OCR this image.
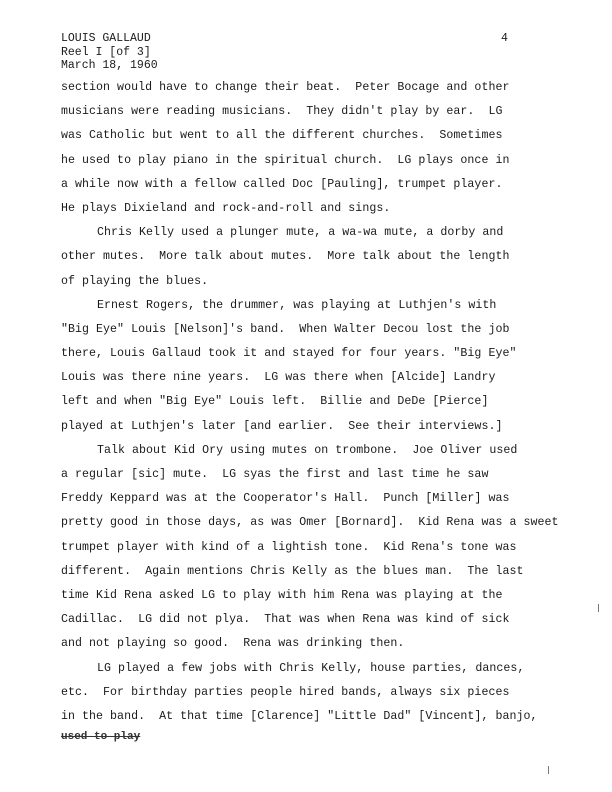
LOUIS GALLAUD
Reel I [of 3]
March 18, 1960
4
section would have to change their beat.  Peter Bocage and other
musicians were reading musicians.  They didn't play by ear.  LG
was Catholic but went to all the different churches.  Sometimes
he used to play piano in the spiritual church.  LG plays once in
a while now with a fellow called Doc [Pauling], trumpet player.
He plays Dixieland and rock-and-roll and sings.
Chris Kelly used a plunger mute, a wa-wa mute, a dorby and
other mutes.  More talk about mutes.  More talk about the length
of playing the blues.
Ernest Rogers, the drummer, was playing at Luthjen's with
"Big Eye" Louis [Nelson]'s band.  When Walter Decou lost the job
there, Louis Gallaud took it and stayed for four years. "Big Eye"
Louis was there nine years.  LG was there when [Alcide] Landry
left and when "Big Eye" Louis left.  Billie and DeDe [Pierce]
played at Luthjen's later [and earlier.  See their interviews.]
Talk about Kid Ory using mutes on trombone.  Joe Oliver used
a regular [sic] mute.  LG syas the first and last time he saw
Freddy Keppard was at the Cooperator's Hall.  Punch [Miller] was
pretty good in those days, as was Omer [Bornard].  Kid Rena was a sweet
trumpet player with kind of a lightish tone.  Kid Rena's tone was
different.  Again mentions Chris Kelly as the blues man.  The last
time Kid Rena asked LG to play with him Rena was playing at the
Cadillac.  LG did not plya.  That was when Rena was kind of sick
and not playing so good.  Rena was drinking then.
LG played a few jobs with Chris Kelly, house parties, dances,
etc.  For birthday parties people hired bands, always six pieces
in the band.  At that time [Clarence] "Little Dad" [Vincent], banjo,
used to play
